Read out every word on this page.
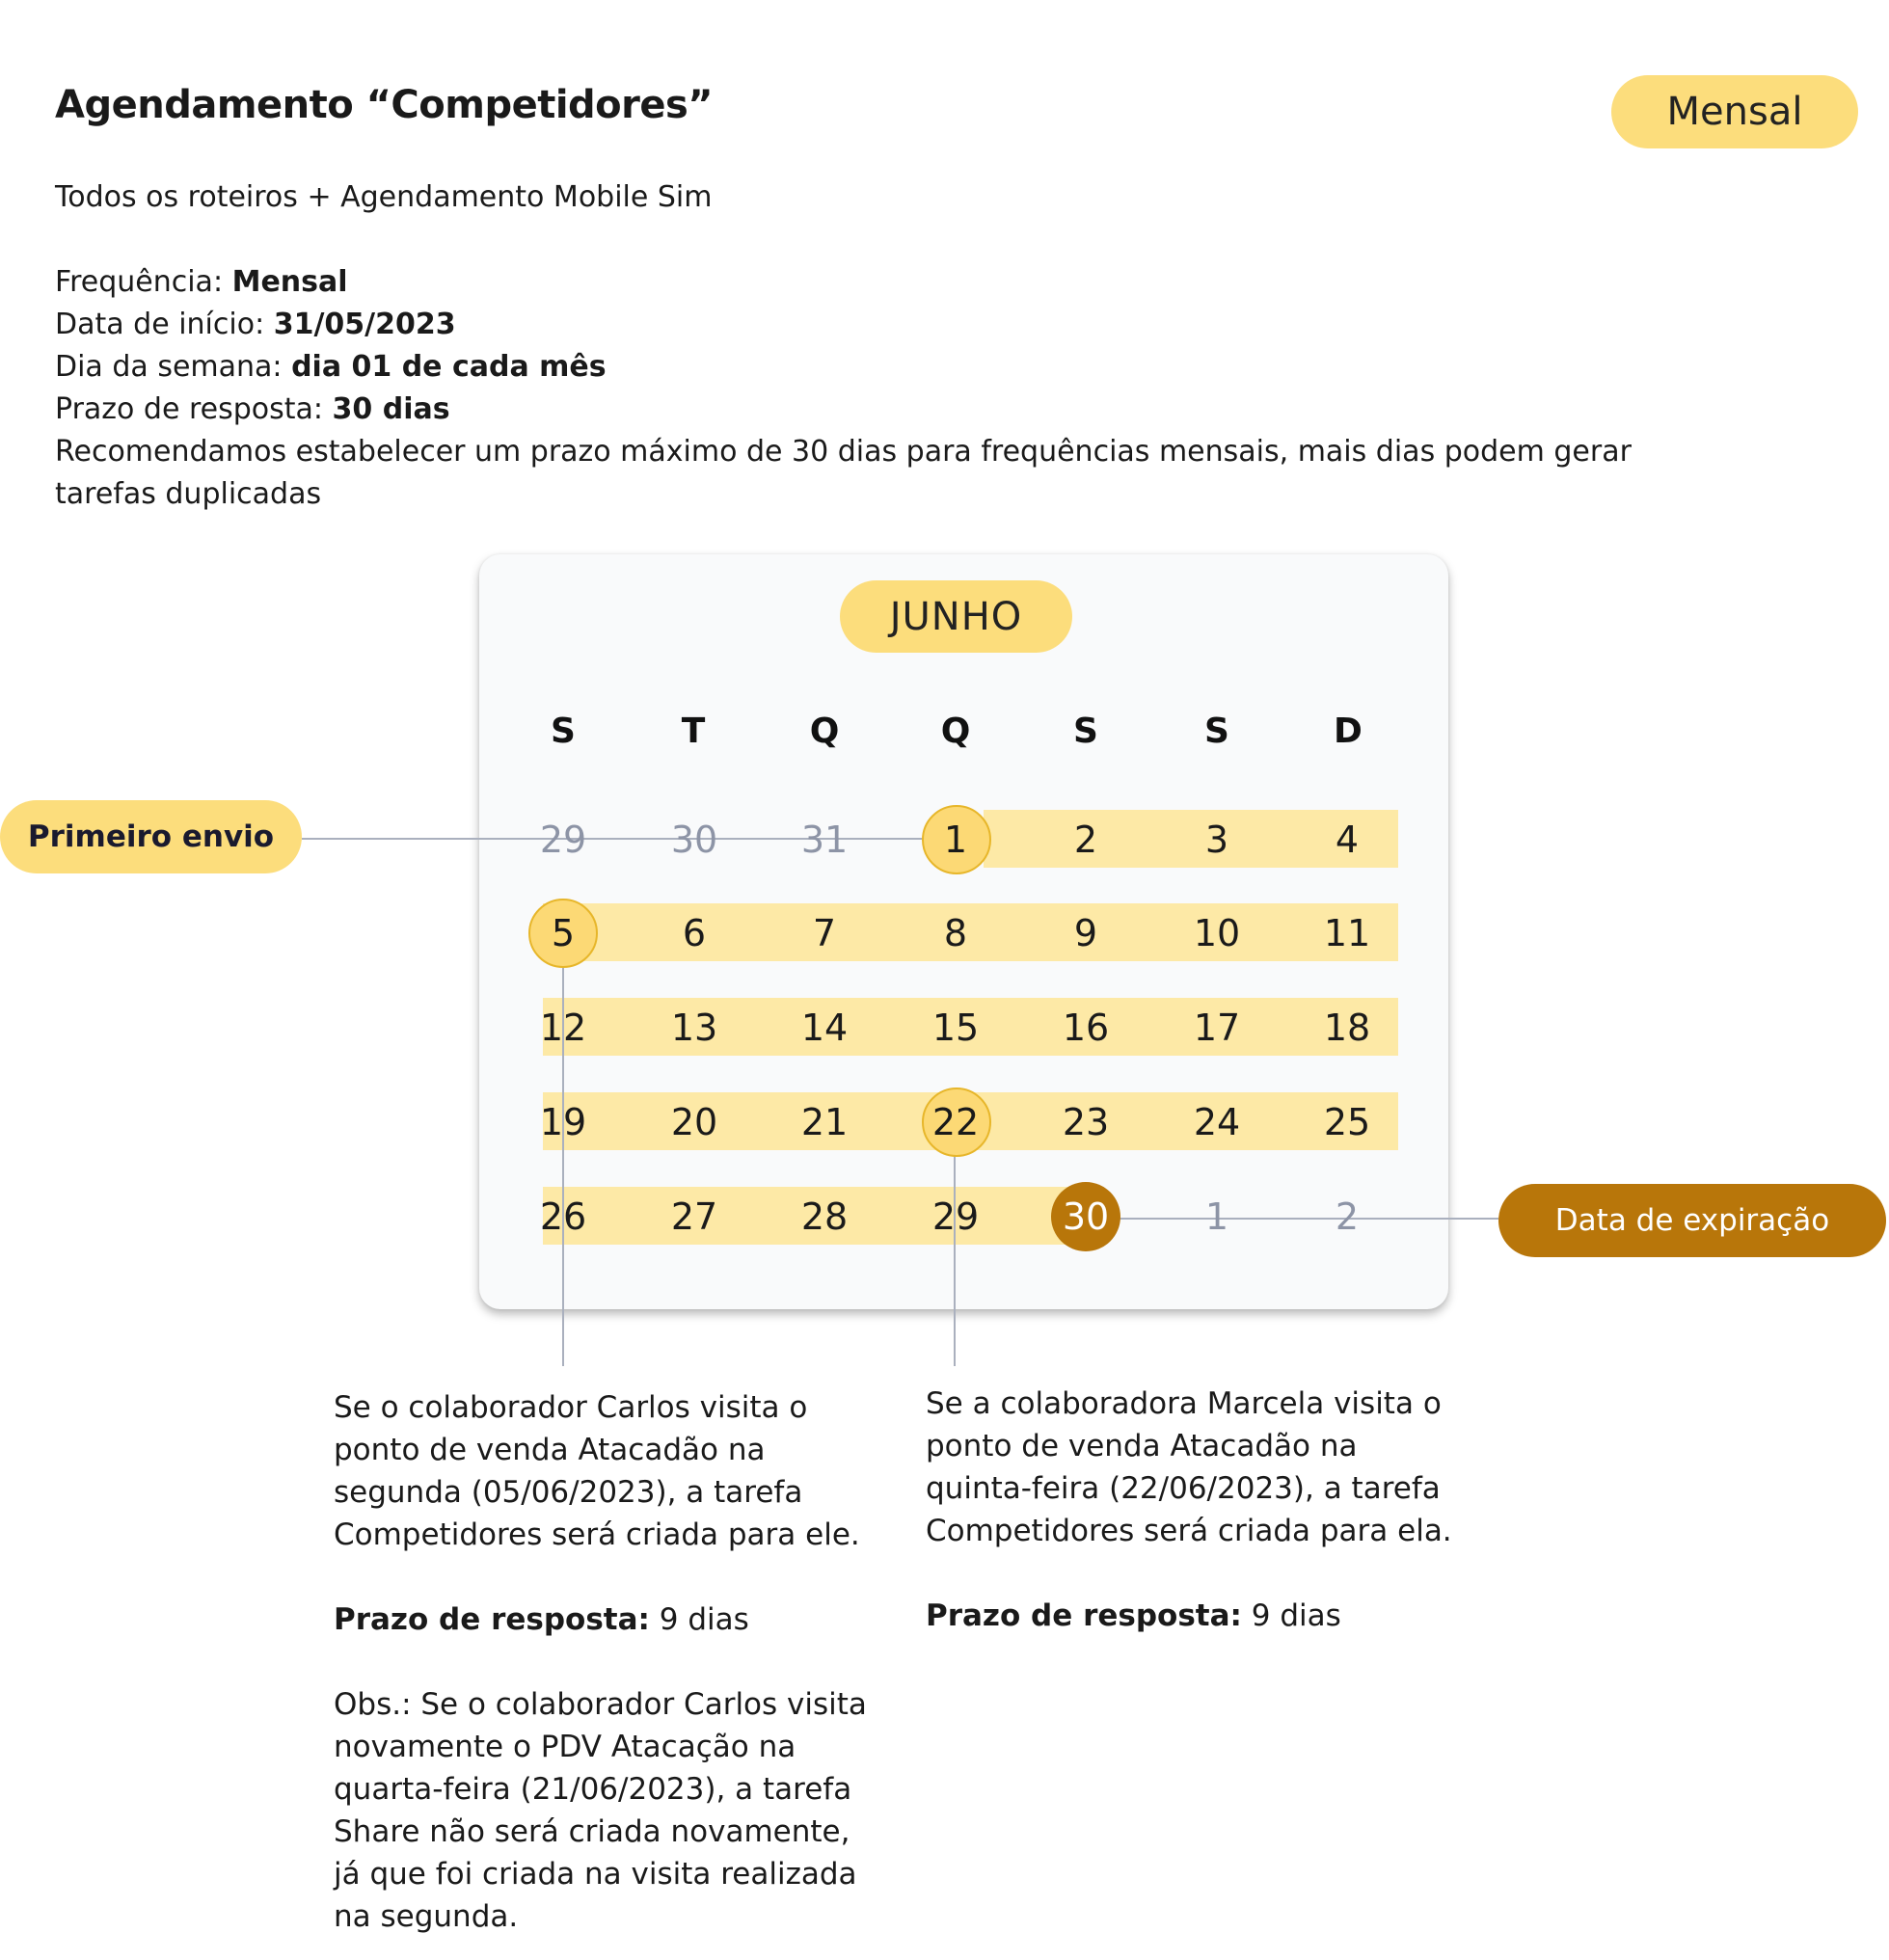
Agendamento “Competidores”	Mensal
Todos os roteiros + Agendamento Mobile Sim
Frequência: Mensal
Data de início: 31/05/2023
Dia da semana: dia 01 de cada mês
Prazo de resposta: 30 dias
Recomendamos estabelecer um prazo máximo de 30 dias para frequências mensais, mais dias podem gerar
tarefas duplicadas
JUNHO
S	T	Q	Q	S	S	D
29	30	31	1	2	3	4
5	6	7	8	9	10	11
12	13	14	15	16	17	18
19	20	21	22	23	24	25
26	27	28	29	30	1	2
Primeiro envio
Data de expiração
Se o colaborador Carlos visita o
ponto de venda Atacadão na
segunda (05/06/2023), a tarefa
Competidores será criada para ele.
Prazo de resposta: 9 dias
Obs.: Se o colaborador Carlos visita
novamente o PDV Atacação na
quarta-feira (21/06/2023), a tarefa
Share não será criada novamente,
já que foi criada na visita realizada
na segunda.
Se a colaboradora Marcela visita o
ponto de venda Atacadão na
quinta-feira (22/06/2023), a tarefa
Competidores será criada para ela.
Prazo de resposta: 9 dias
